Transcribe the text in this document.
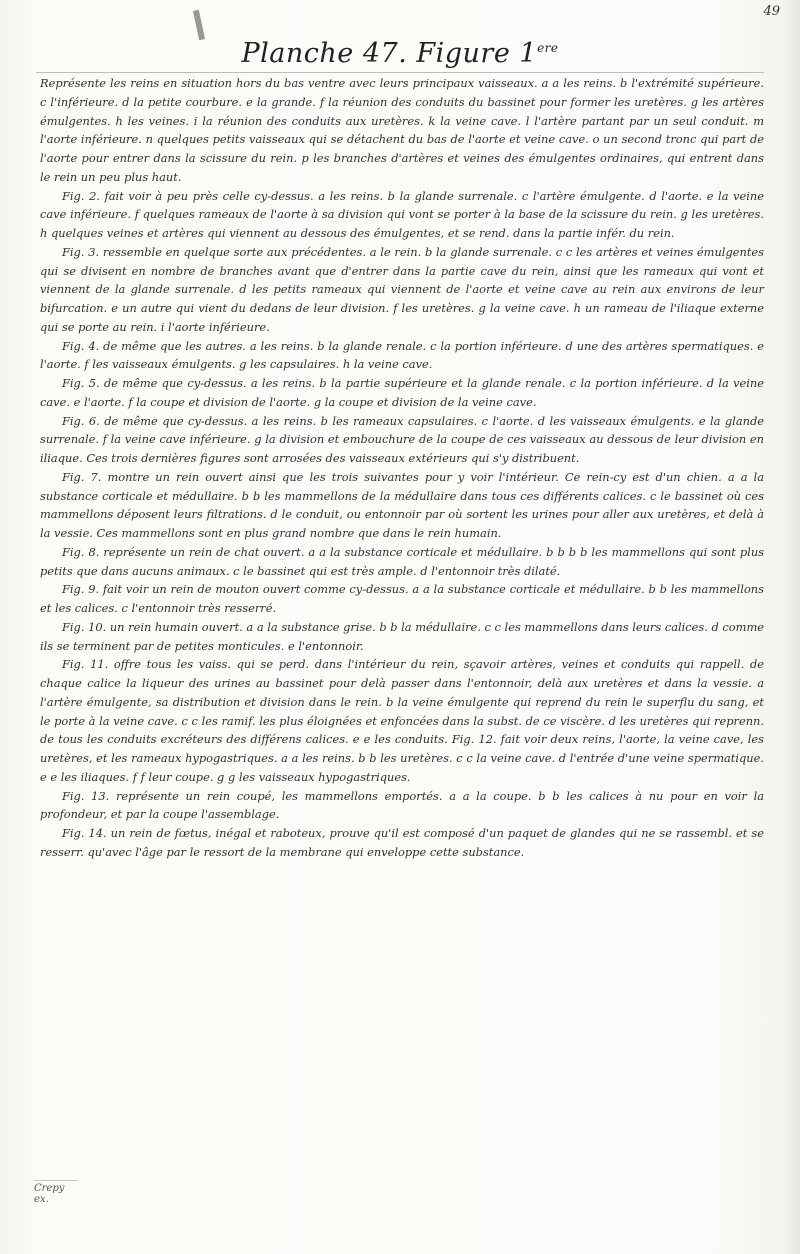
49
Planche 47. Figure 1ere

Représente les reins en situation hors du bas ventre avec leurs principaux vaisseaux. a a les reins. b l'extrémité supérieure. c l'inférieure. d la petite courbure. e la grande. f la réunion des conduits du bassinet pour former les uretères. g les artères émulgentes. h les veines. i la réunion des conduits aux uretères. k la veine cave. l l'artère partant par un seul conduit. m l'aorte inférieure. n quelques petits vaisseaux qui se détachent du bas de l'aorte et veine cave. o un second tronc qui part de l'aorte pour entrer dans la scissure du rein. p les branches d'artères et veines des émulgentes ordinaires, qui entrent dans le rein un peu plus haut.

Fig. 2. fait voir à peu près celle cy-dessus. a les reins. b la glande surrenale. c l'artère émulgente. d l'aorte. e la veine cave inférieure. f quelques rameaux de l'aorte à sa division qui vont se porter à la base de la scissure du rein. g les uretères. h quelques veines et artères qui viennent au dessous des émulgentes, et se rend. dans la partie infér. du rein.

Fig. 3. ressemble en quelque sorte aux précédentes. a le rein. b la glande surrenale. c c les artères et veines émulgentes qui se divisent en nombre de branches avant que d'entrer dans la partie cave du rein, ainsi que les rameaux qui vont et viennent de la glande surrenale. d les petits rameaux qui viennent de l'aorte et veine cave au rein aux environs de leur bifurcation. e un autre qui vient du dedans de leur division. f les uretères. g la veine cave. h un rameau de l'iliaque externe qui se porte au rein. i l'aorte inférieure.

Fig. 4. de même que les autres. a les reins. b la glande renale. c la portion inférieure. d une des artères spermatiques. e l'aorte. f les vaisseaux émulgents. g les capsulaires. h la veine cave.

Fig. 5. de même que cy-dessus. a les reins. b la partie supérieure et la glande renale. c la portion inférieure. d la veine cave. e l'aorte. f la coupe et division de l'aorte. g la coupe et division de la veine cave.

Fig. 6. de même que cy-dessus. a les reins. b les rameaux capsulaires. c l'aorte. d les vaisseaux émulgents. e la glande surrenale. f la veine cave inférieure. g la division et embouchure de la coupe de ces vaisseaux au dessous de leur division en iliaque. Ces trois dernières figures sont arrosées des vaisseaux extérieurs qui s'y distribuent.

Fig. 7. montre un rein ouvert ainsi que les trois suivantes pour y voir l'intérieur. Ce rein-cy est d'un chien. a a la substance corticale et médullaire. b b les mammellons de la médullaire dans tous ces différents calices. c le bassinet où ces mammellons déposent leurs filtrations. d le conduit, ou entonnoir par où sortent les urines pour aller aux uretères, et delà à la vessie. Ces mammellons sont en plus grand nombre que dans le rein humain.

Fig. 8. représente un rein de chat ouvert. a a la substance corticale et médullaire. b b b b les mammellons qui sont plus petits que dans aucuns animaux. c le bassinet qui est très ample. d l'entonnoir très dilaté.

Fig. 9. fait voir un rein de mouton ouvert comme cy-dessus. a a la substance corticale et médullaire. b b les mammellons et les calices. c l'entonnoir très resserré.

Fig. 10. un rein humain ouvert. a a la substance grise. b b la médullaire. c c les mammellons dans leurs calices. d comme ils se terminent par de petites monticules. e l'entonnoir.

Fig. 11. offre tous les vaiss. qui se perd. dans l'intérieur du rein, sçavoir artères, veines et conduits qui rappell. de chaque calice la liqueur des urines au bassinet pour delà passer dans l'entonnoir, delà aux uretères et dans la vessie. a l'artère émulgente, sa distribution et division dans le rein. b la veine émulgente qui reprend du rein le superflu du sang, et le porte à la veine cave. c c les ramif. les plus éloignées et enfoncées dans la subst. de ce viscère. d les uretères qui reprenn. de tous les conduits excréteurs des différens calices. e e les conduits. Fig. 12. fait voir deux reins, l'aorte, la veine cave, les uretères, et les rameaux hypogastriques. a a les reins. b b les uretères. c c la veine cave. d l'entrée d'une veine spermatique. e e les iliaques. f f leur coupe. g g les vaisseaux hypogastriques.

Fig. 13. représente un rein coupé, les mammellons emportés. a a la coupe. b b les calices à nu pour en voir la profondeur, et par la coupe l'assemblage.

Fig. 14. un rein de fœtus, inégal et raboteux, prouve qu'il est composé d'un paquet de glandes qui ne se rassembl. et se resserr. qu'avec l'âge par le ressort de la membrane qui enveloppe cette substance.

Crepy ex.
